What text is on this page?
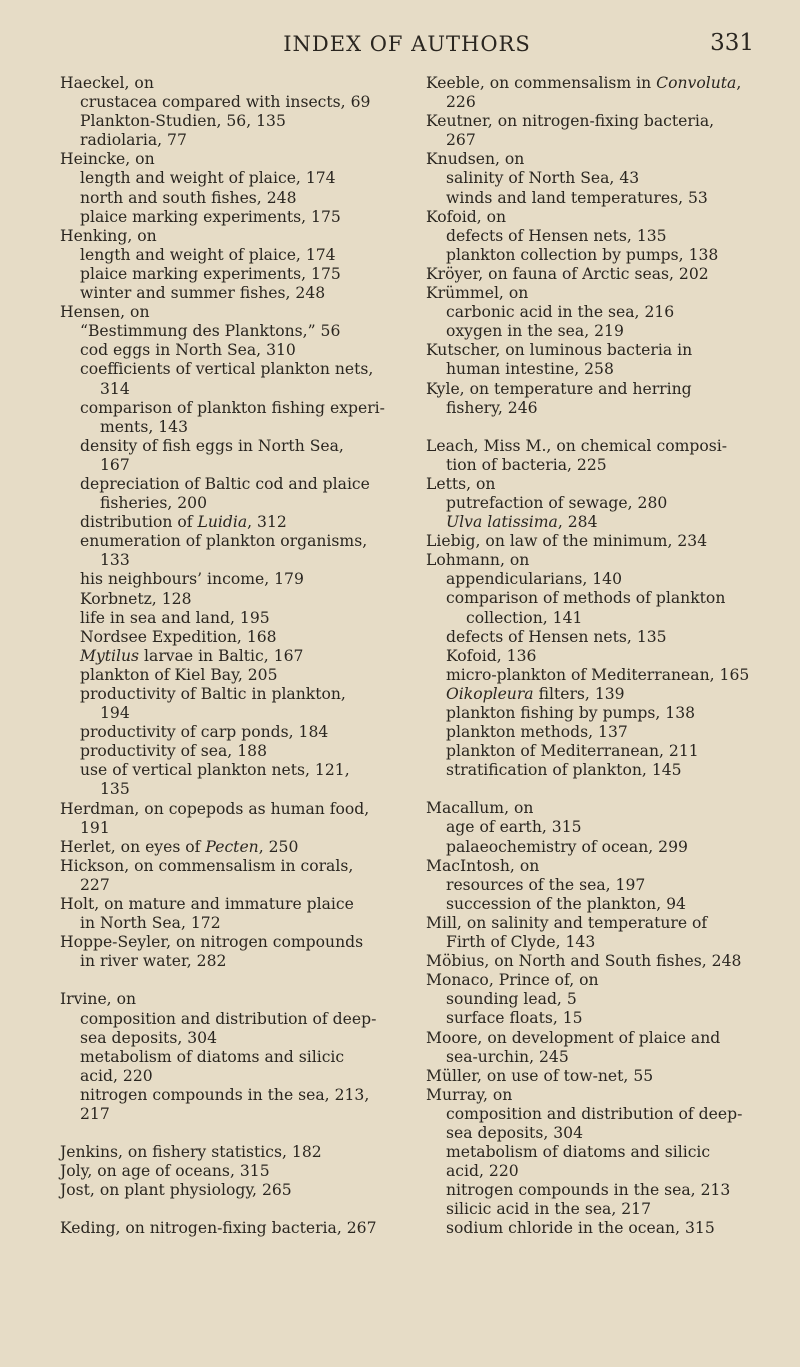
INDEX OF AUTHORS	331
Haeckel, on
crustacea compared with insects, 69
Plankton-Studien, 56, 135
radiolaria, 77
Heincke, on
length and weight of plaice, 174
north and south fishes, 248
plaice marking experiments, 175
Henking, on
length and weight of plaice, 174
plaice marking experiments, 175
winter and summer fishes, 248
Hensen, on
“Bestimmung des Planktons,” 56
cod eggs in North Sea, 310
coefficients of vertical plankton nets,
314
comparison of plankton fishing experi-
ments, 143
density of fish eggs in North Sea,
167
depreciation of Baltic cod and plaice
fisheries, 200
distribution of Luidia, 312
enumeration of plankton organisms,
133
his neighbours’ income, 179
Korbnetz, 128
life in sea and land, 195
Nordsee Expedition, 168
Mytilus larvae in Baltic, 167
plankton of Kiel Bay, 205
productivity of Baltic in plankton,
194
productivity of carp ponds, 184
productivity of sea, 188
use of vertical plankton nets, 121,
135
Herdman, on copepods as human food,
191
Herlet, on eyes of Pecten, 250
Hickson, on commensalism in corals,
227
Holt, on mature and immature plaice
in North Sea, 172
Hoppe-Seyler, on nitrogen compounds
in river water, 282
Irvine, on
composition and distribution of deep-
sea deposits, 304
metabolism of diatoms and silicic
acid, 220
nitrogen compounds in the sea, 213,
217
Jenkins, on fishery statistics, 182
Joly, on age of oceans, 315
Jost, on plant physiology, 265
Keding, on nitrogen-fixing bacteria, 267
Keeble, on commensalism in Convoluta,
226
Keutner, on nitrogen-fixing bacteria,
267
Knudsen, on
salinity of North Sea, 43
winds and land temperatures, 53
Kofoid, on
defects of Hensen nets, 135
plankton collection by pumps, 138
Kröyer, on fauna of Arctic seas, 202
Krümmel, on
carbonic acid in the sea, 216
oxygen in the sea, 219
Kutscher, on luminous bacteria in
human intestine, 258
Kyle, on temperature and herring
fishery, 246
Leach, Miss M., on chemical composi-
tion of bacteria, 225
Letts, on
putrefaction of sewage, 280
Ulva latissima, 284
Liebig, on law of the minimum, 234
Lohmann, on
appendicularians, 140
comparison of methods of plankton
collection, 141
defects of Hensen nets, 135
Kofoid, 136
micro-plankton of Mediterranean, 165
Oikopleura filters, 139
plankton fishing by pumps, 138
plankton methods, 137
plankton of Mediterranean, 211
stratification of plankton, 145
Macallum, on
age of earth, 315
palaeochemistry of ocean, 299
MacIntosh, on
resources of the sea, 197
succession of the plankton, 94
Mill, on salinity and temperature of
Firth of Clyde, 143
Möbius, on North and South fishes, 248
Monaco, Prince of, on
sounding lead, 5
surface floats, 15
Moore, on development of plaice and
sea-urchin, 245
Müller, on use of tow-net, 55
Murray, on
composition and distribution of deep-
sea deposits, 304
metabolism of diatoms and silicic
acid, 220
nitrogen compounds in the sea, 213
silicic acid in the sea, 217
sodium chloride in the ocean, 315
